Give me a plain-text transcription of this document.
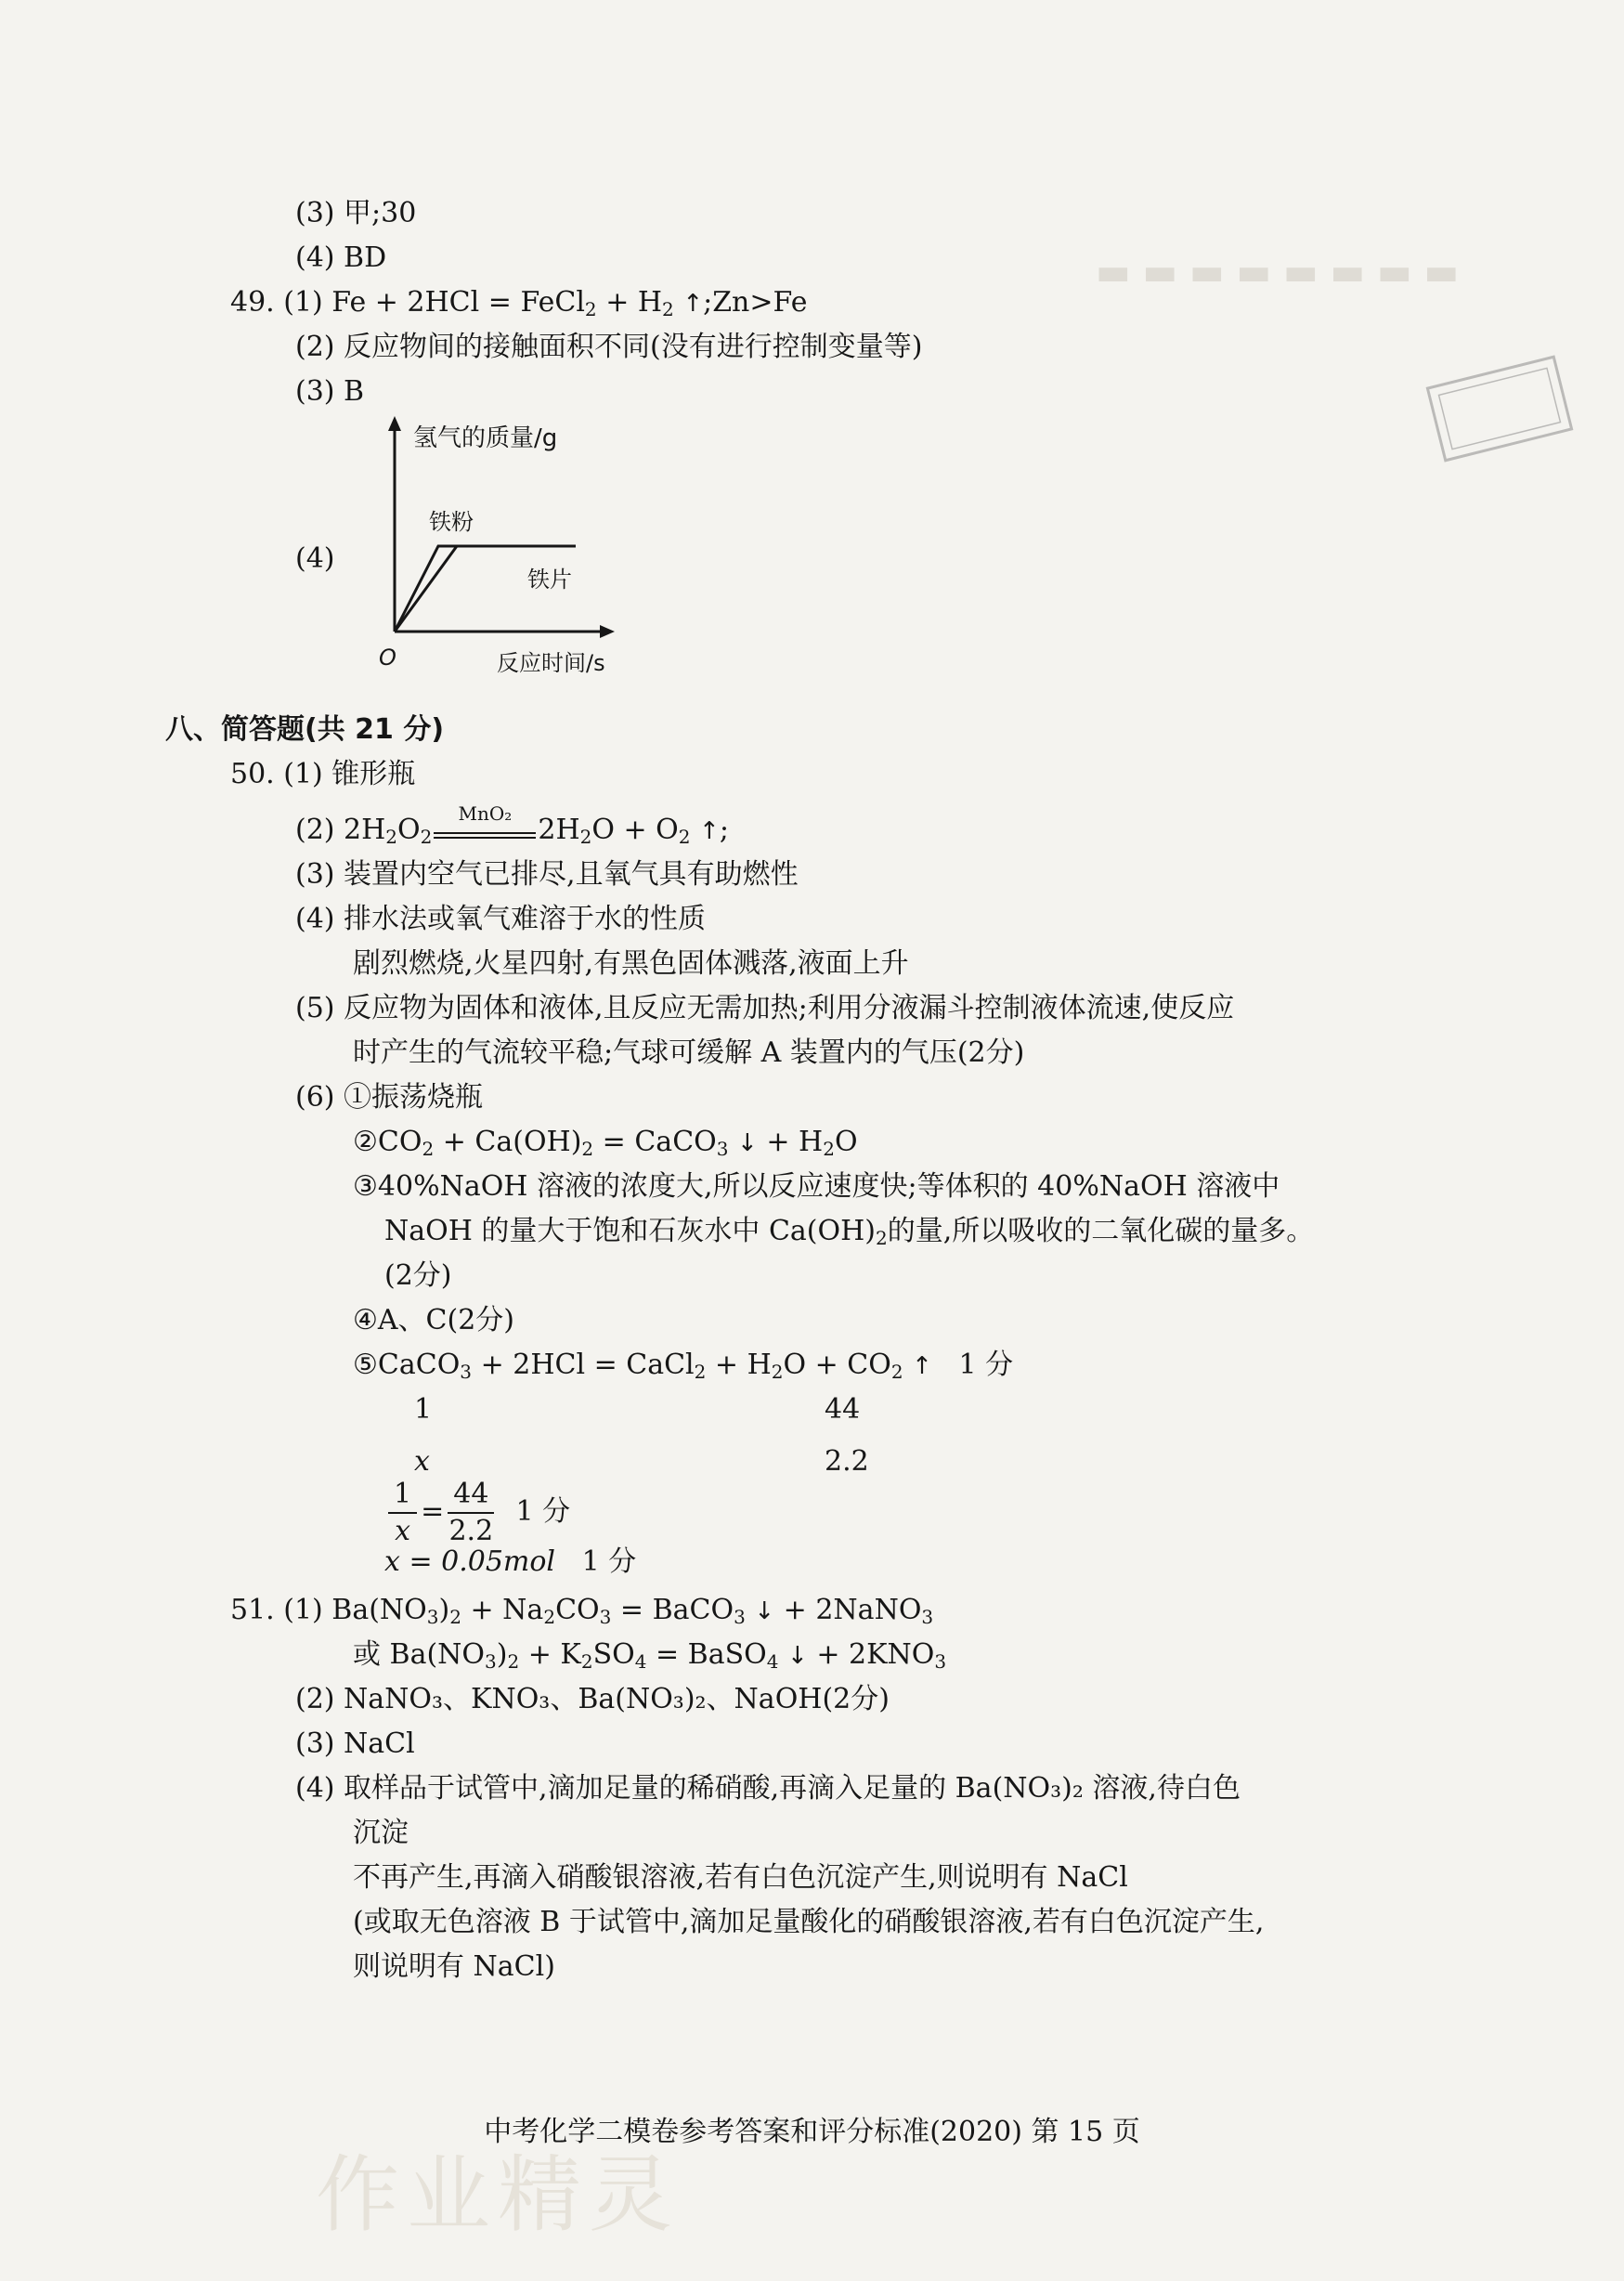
▬ ▬ ▬ ▬ ▬ ▬ ▬ ▬
(3) 甲;30
(4) BD
49. (1) Fe + 2HCl = FeCl$_2$ + $H_2$ ↑;Zn>Fe
(2) 反应物间的接触面积不同(没有进行控制变量等)
(3) B
(4)
氢气的质量/g
铁粉
铁片
O	反应时间/s
八、简答题(共 21 分)
50. (1) 锥形瓶
(2) $2H_2O_2$
MnO₂ $2H_2O + O_2$ ↑;
(3) 装置内空气已排尽,且氧气具有助燃性
(4) 排水法或氧气难溶于水的性质
剧烈燃烧,火星四射,有黑色固体溅落,液面上升
(5) 反应物为固体和液体,且反应无需加热;利用分液漏斗控制液体流速,使反应
时产生的气流较平稳;气球可缓解 A 装置内的气压(2分)
(6) ①振荡烧瓶
$②CO_2 + Ca(OH)_2$ = CaCO$_3$ ↓ + $H_2O$
③40%NaOH 溶液的浓度大,所以反应速度快;等体积的 40%NaOH 溶液中
NaOH 的量大于饱和石灰水中 $Ca(OH)_2$的量,所以吸收的二氧化碳的量多。
(2分)
④A、C(2分)
⑤CaCO$_3$ + 2HCl = CaCl$_2$ + $H_2O + CO_2$ ↑ 1 分
1	44
x	2.2
$\frac{1}{x} = \frac{44}{2.2} 1$ 分
x = 0.05mol 1 分
51. (1) $Ba(NO_3)_2 + Na_2CO_3$ = BaCO$_3$ ↓ + 2NaNO$_3$
或 $Ba(NO_3)_2 + K_2SO_4$ = BaSO$_4$ ↓ + $2KNO_3$
(2) NaNO₃、KNO₃、Ba(NO₃)₂、NaOH(2分)
(3) NaCl
(4) 取样品于试管中,滴加足量的稀硝酸,再滴入足量的 Ba(NO₃)₂ 溶液,待白色
沉淀
不再产生,再滴入硝酸银溶液,若有白色沉淀产生,则说明有 NaCl
(或取无色溶液 B 于试管中,滴加足量酸化的硝酸银溶液,若有白色沉淀产生,
则说明有 NaCl)
作业精灵
中考化学二模卷参考答案和评分标准(2020) 第 15 页
